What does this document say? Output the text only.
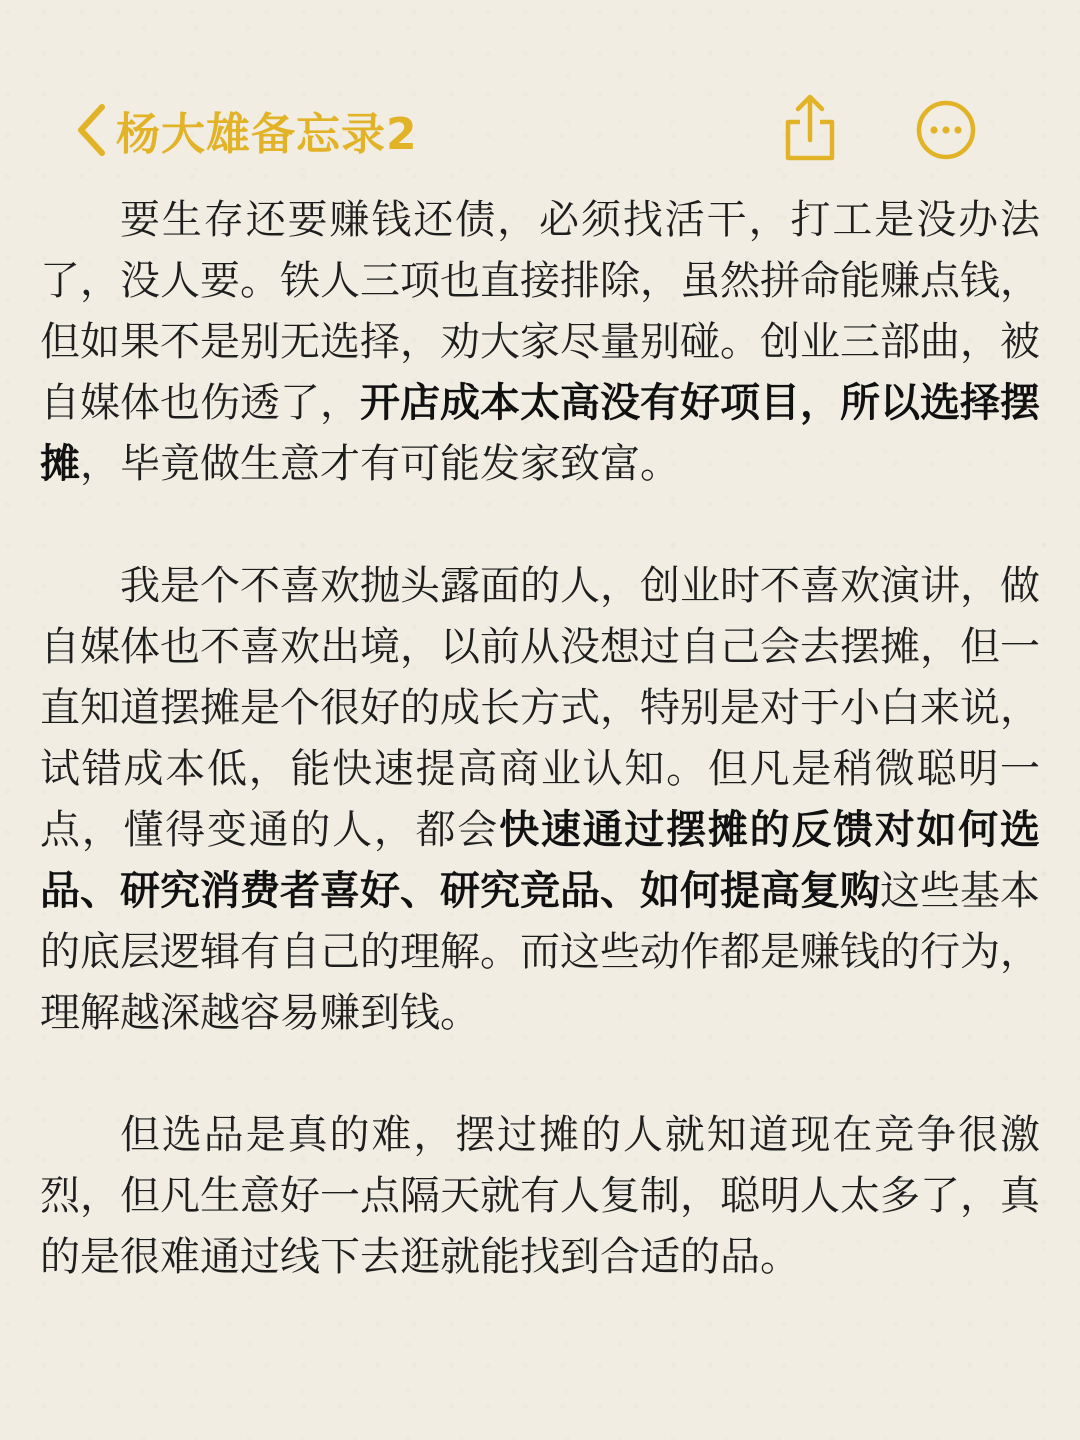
杨大雄备忘录2

要生存还要赚钱还债，必须找活干，打工是没办法了，没人要。铁人三项也直接排除，虽然拼命能赚点钱，但如果不是别无选择，劝大家尽量别碰。创业三部曲，被自媒体也伤透了，开店成本太高没有好项目，所以选择摆摊，毕竟做生意才有可能发家致富。

我是个不喜欢抛头露面的人，创业时不喜欢演讲，做自媒体也不喜欢出境，以前从没想过自己会去摆摊，但一直知道摆摊是个很好的成长方式，特别是对于小白来说，试错成本低，能快速提高商业认知。但凡是稍微聪明一点，懂得变通的人，都会快速通过摆摊的反馈对如何选品、研究消费者喜好、研究竞品、如何提高复购这些基本的底层逻辑有自己的理解。而这些动作都是赚钱的行为，理解越深越容易赚到钱。

但选品是真的难，摆过摊的人就知道现在竞争很激烈，但凡生意好一点隔天就有人复制，聪明人太多了，真的是很难通过线下去逛就能找到合适的品。
